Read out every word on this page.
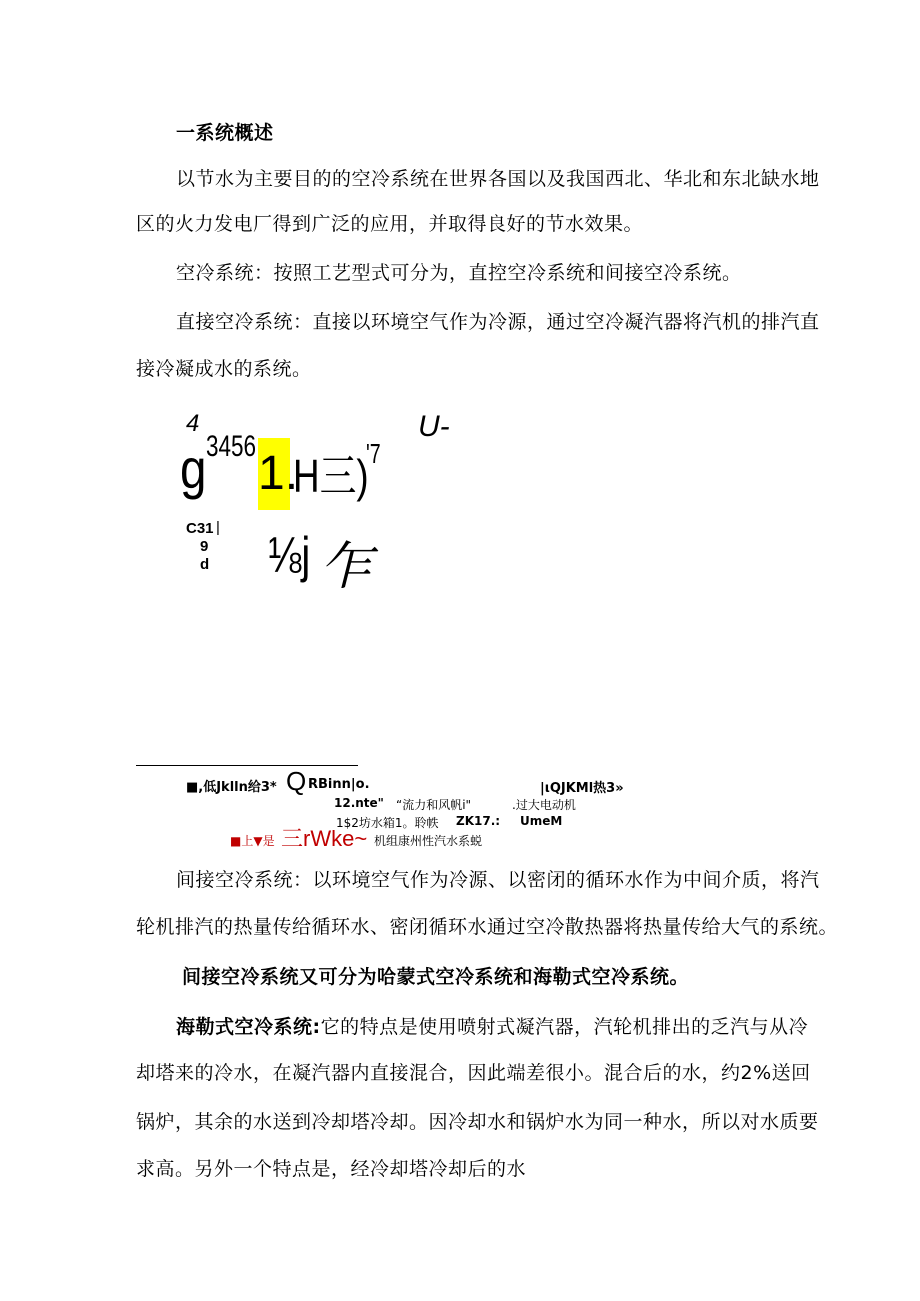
一系统概述
以节水为主要目的的空冷系统在世界各国以及我国西北、华北和东北缺水地
区的火力发电厂得到广泛的应用，并取得良好的节水效果。
空冷系统：按照工艺型式可分为，直控空冷系统和间接空冷系统。
直接空冷系统：直接以环境空气作为冷源，通过空冷凝汽器将汽机的排汽直
接冷凝成水的系统。
4
g 3456
1.
H三)
'7
U-
C31 |
9
d ⅛j 乍
■,低Jklln给3* Q RBinn|o.	|ιQJKMl热3»
12.nte" “流力和风帆i"	.过大电动机
1$2坊水箱1。聆帙 ZK17.: UmeM
■上▼是 三rWke~ 机组康州性汽水系蜕
间接空冷系统：以环境空气作为冷源、以密闭的循环水作为中间介质，将汽
轮机排汽的热量传给循环水、密闭循环水通过空冷散热器将热量传给大气的系统。
间接空冷系统又可分为哈蒙式空冷系统和海勒式空冷系统。
海勒式空冷系统:它的特点是使用喷射式凝汽器，汽轮机排出的乏汽与从冷
却塔来的冷水，在凝汽器内直接混合，因此端差很小。混合后的水，约2%送回
锅炉，其余的水送到冷却塔冷却。因冷却水和锅炉水为同一种水，所以对水质要
求高。另外一个特点是，经冷却塔冷却后的水
